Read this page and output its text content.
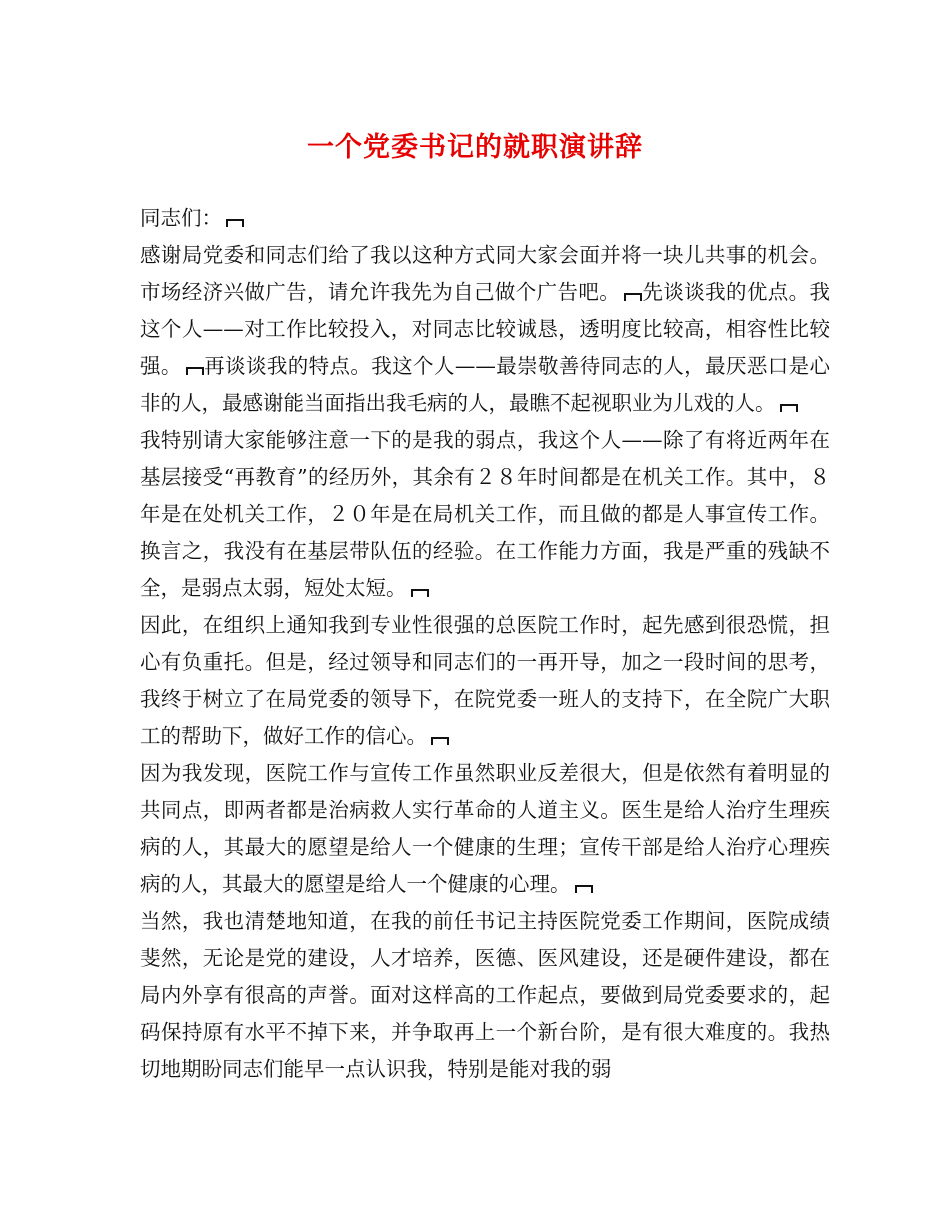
一个党委书记的就职演讲辞

同志们：

感谢局党委和同志们给了我以这种方式同大家会面并将一块儿共事的机会。市场经济兴做广告，请允许我先为自己做个广告吧。 先谈谈我的优点。我这个人——对工作比较投入，对同志比较诚恳，透明度比较高，相容性比较强。 再谈谈我的特点。我这个人——最崇敬善待同志的人，最厌恶口是心非的人，最感谢能当面指出我毛病的人，最瞧不起视职业为儿戏的人。

我特别请大家能够注意一下的是我的弱点，我这个人——除了有将近两年在基层接受“再教育”的经历外，其余有２８年时间都是在机关工作。其中，８年是在处机关工作，２０年是在局机关工作，而且做的都是人事宣传工作。换言之，我没有在基层带队伍的经验。在工作能力方面，我是严重的残缺不全，是弱点太弱，短处太短。

因此，在组织上通知我到专业性很强的总医院工作时，起先感到很恐慌，担心有负重托。但是，经过领导和同志们的一再开导，加之一段时间的思考，我终于树立了在局党委的领导下，在院党委一班人的支持下，在全院广大职工的帮助下，做好工作的信心。

因为我发现，医院工作与宣传工作虽然职业反差很大，但是依然有着明显的共同点，即两者都是治病救人实行革命的人道主义。医生是给人治疗生理疾病的人，其最大的愿望是给人一个健康的生理；宣传干部是给人治疗心理疾病的人，其最大的愿望是给人一个健康的心理。

当然，我也清楚地知道，在我的前任书记主持医院党委工作期间，医院成绩斐然，无论是党的建设，人才培养，医德、医风建设，还是硬件建设，都在局内外享有很高的声誉。面对这样高的工作起点，要做到局党委要求的，起码保持原有水平不掉下来，并争取再上一个新台阶，是有很大难度的。我热切地期盼同志们能早一点认识我，特别是能对我的弱
